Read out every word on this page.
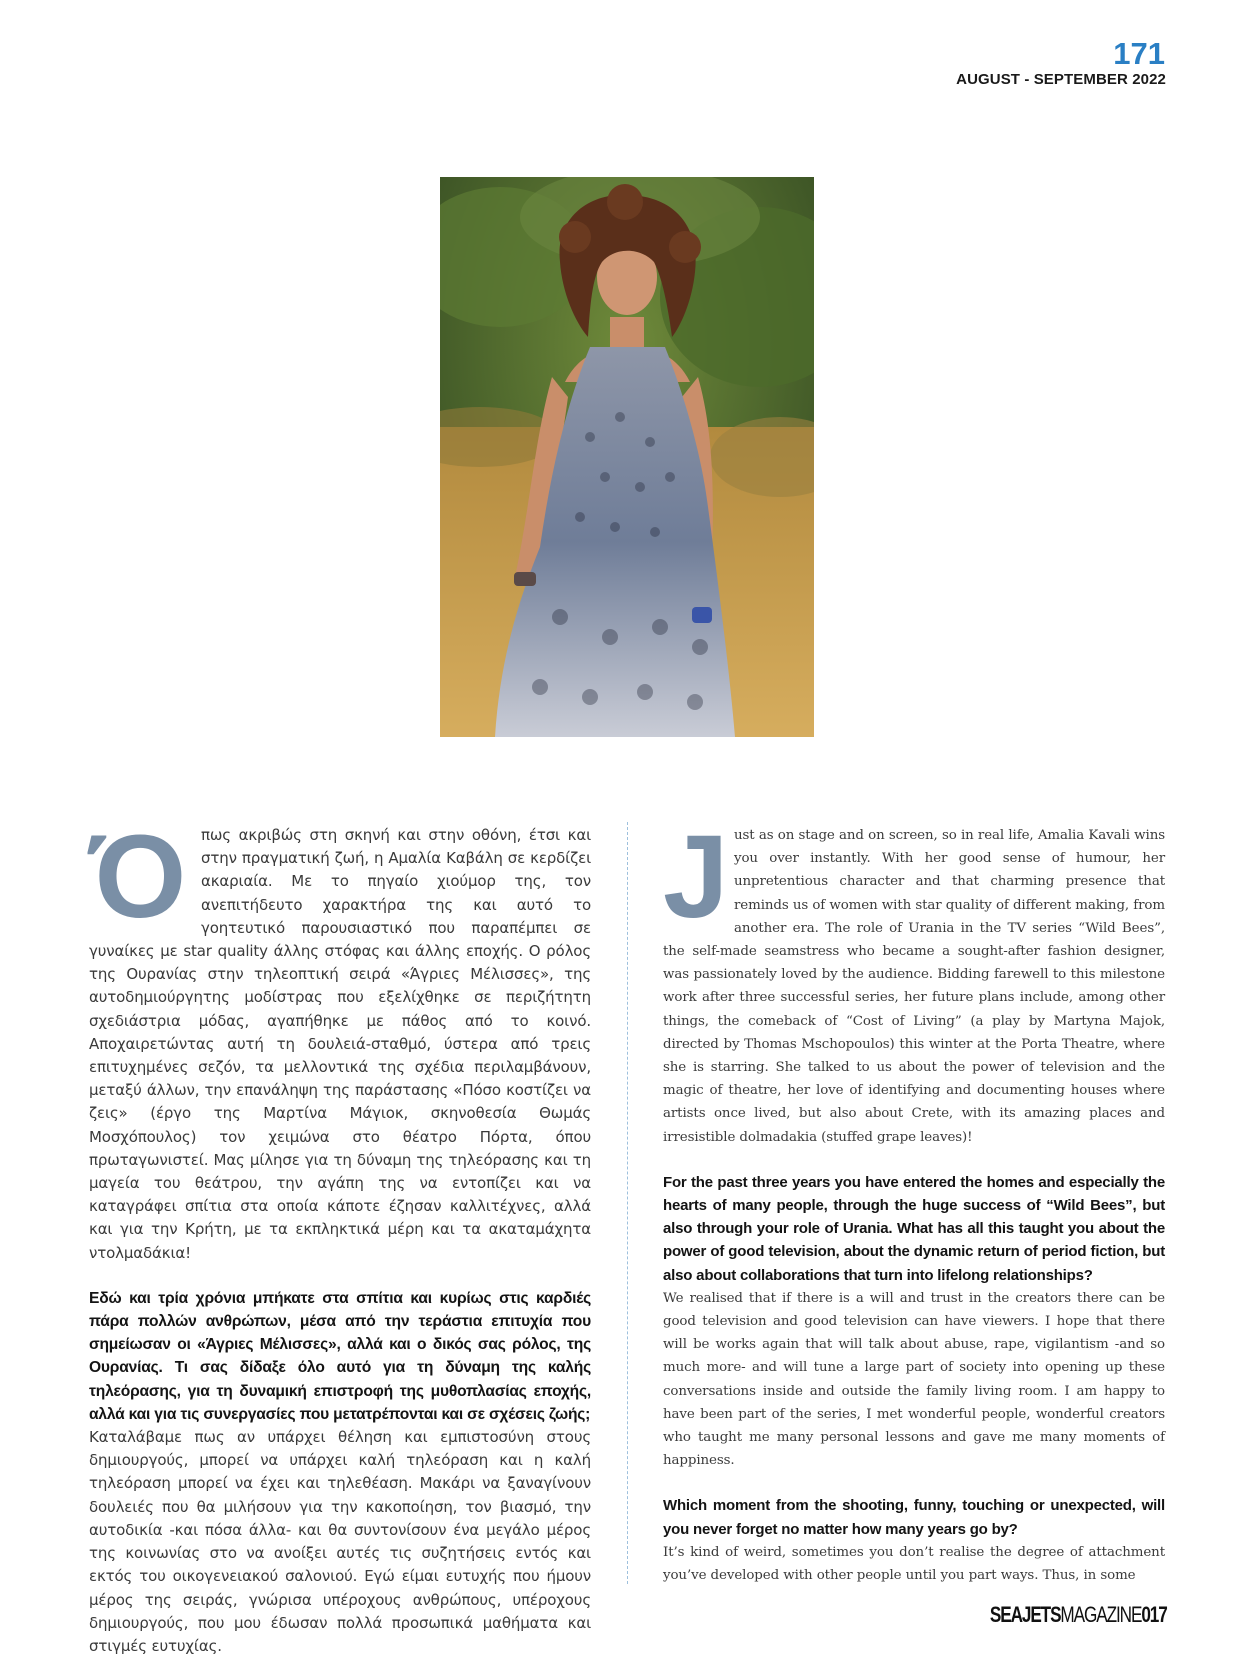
171
AUGUST - SEPTEMBER 2022
Ό πως ακριβώς στη σκηνή και στην οθόνη, έτσι και στην πραγματική ζωή, η Αμαλία Καβάλη σε κερδίζει ακαριαία. Με το πηγαίο χιούμορ της, τον ανεπιτήδευτο χαρακτήρα της και αυτό το γοητευτικό παρουσιαστικό που παραπέμπει σε γυναίκες με star quality άλλης στόφας και άλλης εποχής. Ο ρόλος της Ουρανίας στην τηλεοπτική σειρά «Άγριες Μέλισσες», της αυτοδημιούργητης μοδίστρας που εξελίχθηκε σε περιζήτητη σχεδιάστρια μόδας, αγαπήθηκε με πάθος από το κοινό. Αποχαιρετώντας αυτή τη δουλειά-σταθμό, ύστερα από τρεις επιτυχημένες σεζόν, τα μελλοντικά της σχέδια περιλαμβάνουν, μεταξύ άλλων, την επανάληψη της παράστασης «Πόσο κοστίζει να ζεις» (έργο της Μαρτίνα Μάγιοκ, σκηνοθεσία Θωμάς Μοσχόπουλος) τον χειμώνα στο θέατρο Πόρτα, όπου πρωταγωνιστεί. Μας μίλησε για τη δύναμη της τηλεόρασης και τη μαγεία του θεάτρου, την αγάπη της να εντοπίζει και να καταγράφει σπίτια στα οποία κάποτε έζησαν καλλιτέχνες, αλλά και για την Κρήτη, με τα εκπληκτικά μέρη και τα ακαταμάχητα ντολμαδάκια!

Εδώ και τρία χρόνια μπήκατε στα σπίτια και κυρίως στις καρδιές πάρα πολλών ανθρώπων, μέσα από την τεράστια επιτυχία που σημείωσαν οι «Άγριες Μέλισσες», αλλά και ο δικός σας ρόλος, της Ουρανίας. Τι σας δίδαξε όλο αυτό για τη δύναμη της καλής τηλεόρασης, για τη δυναμική επιστροφή της μυθοπλασίας εποχής, αλλά και για τις συνεργασίες που μετατρέπονται και σε σχέσεις ζωής;

Καταλάβαμε πως αν υπάρχει θέληση και εμπιστοσύνη στους δημιουργούς, μπορεί να υπάρχει καλή τηλεόραση και η καλή τηλεόραση μπορεί να έχει και τηλεθέαση. Μακάρι να ξαναγίνουν δουλειές που θα μιλήσουν για την κακοποίηση, τον βιασμό, την αυτοδικία -και πόσα άλλα- και θα συντονίσουν ένα μεγάλο μέρος της κοινωνίας στο να ανοίξει αυτές τις συζητήσεις εντός και εκτός του οικογενειακού σαλονιού. Εγώ είμαι ευτυχής που ήμουν μέρος της σειράς, γνώρισα υπέροχους ανθρώπους, υπέροχους δημιουργούς, που μου έδωσαν πολλά προσωπικά μαθήματα και στιγμές ευτυχίας.

J ust as on stage and on screen, so in real life, Amalia Kavali wins you over instantly. With her good sense of humour, her unpretentious character and that charming presence that reminds us of women with star quality of different making, from another era. The role of Urania in the TV series “Wild Bees”, the self-made seamstress who became a sought-after fashion designer, was passionately loved by the audience. Bidding farewell to this milestone work after three successful series, her future plans include, among other things, the comeback of “Cost of Living” (a play by Martyna Majok, directed by Thomas Mschopoulos) this winter at the Porta Theatre, where she is starring. She talked to us about the power of television and the magic of theatre, her love of identifying and documenting houses where artists once lived, but also about Crete, with its amazing places and irresistible dolmadakia (stuffed grape leaves)!

For the past three years you have entered the homes and especially the hearts of many people, through the huge success of “Wild Bees”, but also through your role of Urania. What has all this taught you about the power of good television, about the dynamic return of period fiction, but also about collaborations that turn into lifelong relationships?

We realised that if there is a will and trust in the creators there can be good television and good television can have viewers. I hope that there will be works again that will talk about abuse, rape, vigilantism -and so much more- and will tune a large part of society into opening up these conversations inside and outside the family living room. I am happy to have been part of the series, I met wonderful people, wonderful creators who taught me many personal lessons and gave me many moments of happiness.

Which moment from the shooting, funny, touching or unexpected, will you never forget no matter how many years go by?

It’s kind of weird, sometimes you don’t realise the degree of attachment you’ve developed with other people until you part ways. Thus, in some

SEAJETSMAGAZINE017
